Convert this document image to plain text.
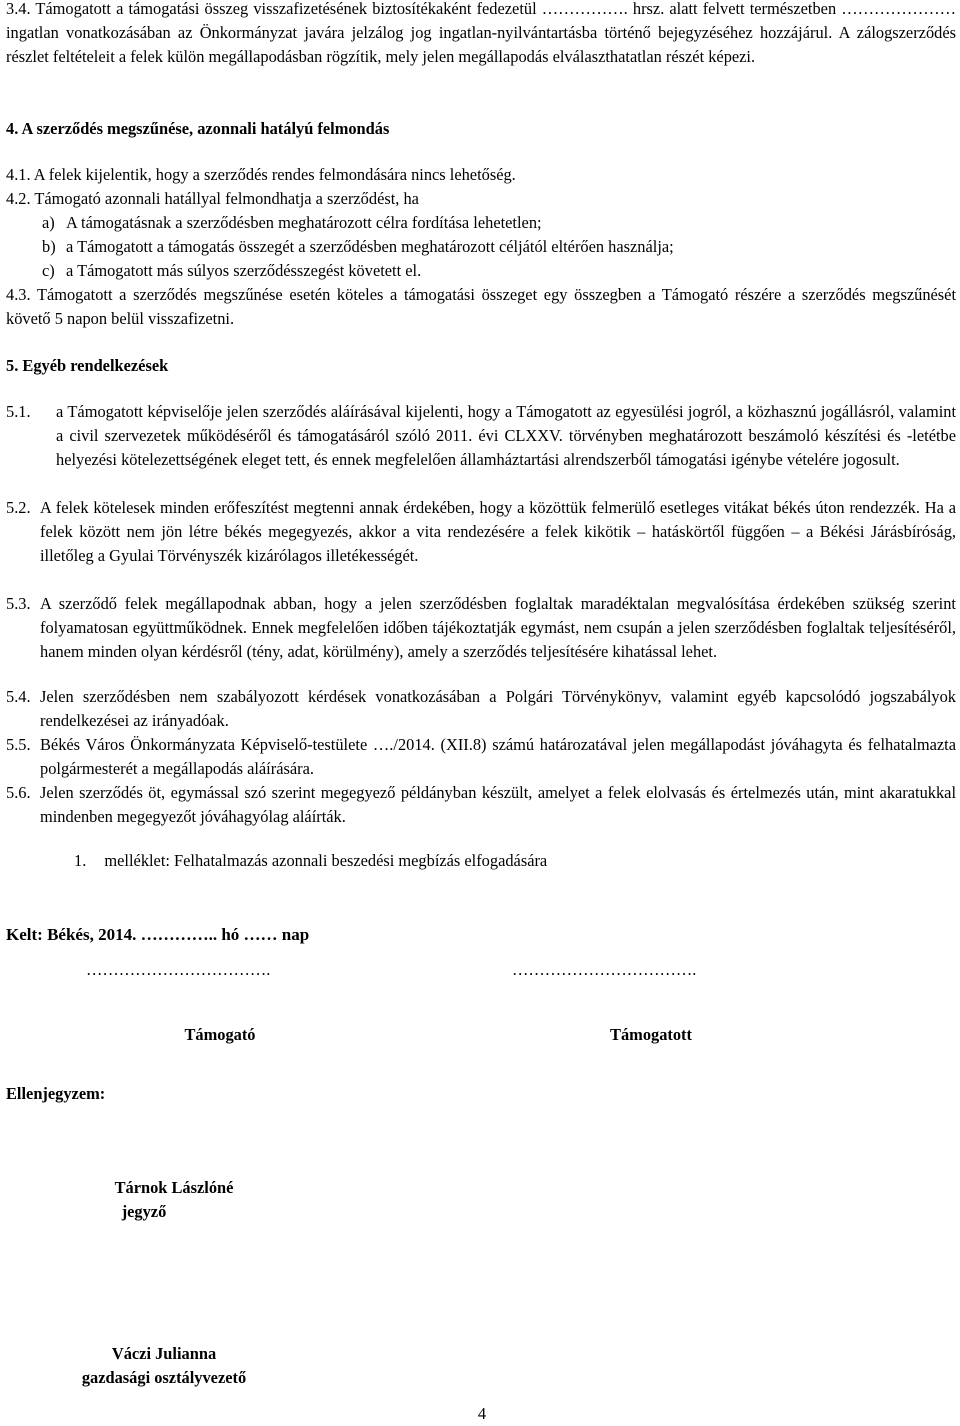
3.4. Támogatott a támogatási összeg visszafizetésének biztosítékaként fedezetül ……………. hrsz. alatt felvett természetben ………………… ingatlan vonatkozásában az Önkormányzat javára jelzálog jog ingatlan-nyilvántartásba történő bejegyzéséhez hozzájárul. A zálogszerződés részlet feltételeit a felek külön megállapodásban rögzítik, mely jelen megállapodás elválaszthatatlan részét képezi.

4. A szerződés megszűnése, azonnali hatályú felmondás

4.1. A felek kijelentik, hogy a szerződés rendes felmondására nincs lehetőség.

4.2. Támogató azonnali hatállyal felmondhatja a szerződést, ha

a) A támogatásnak a szerződésben meghatározott célra fordítása lehetetlen;

b) a Támogatott a támogatás összegét a szerződésben meghatározott céljától eltérően használja;

c) a Támogatott más súlyos szerződésszegést követett el.

4.3. Támogatott a szerződés megszűnése esetén köteles a támogatási összeget egy összegben a Támogató részére a szerződés megszűnését követő 5 napon belül visszafizetni.

5. Egyéb rendelkezések

5.1.	a Támogatott képviselője jelen szerződés aláírásával kijelenti, hogy a Támogatott az egyesülési jogról, a közhasznú jogállásról, valamint a civil szervezetek működéséről és támogatásáról szóló 2011. évi CLXXV. törvényben meghatározott beszámoló készítési és -letétbe helyezési kötelezettségének eleget tett, és ennek megfelelően államháztartási alrendszerből támogatási igénybe vételére jogosult.
5.2. A felek kötelesek minden erőfeszítést megtenni annak érdekében, hogy a közöttük felmerülő esetleges vitákat békés úton rendezzék. Ha a felek között nem jön létre békés megegyezés, akkor a vita rendezésére a felek kikötik – hatáskörtől függően – a Békési Járásbíróság, illetőleg a Gyulai Törvényszék kizárólagos illetékességét.
5.3. A szerződő felek megállapodnak abban, hogy a jelen szerződésben foglaltak maradéktalan megvalósítása érdekében szükség szerint folyamatosan együttműködnek. Ennek megfelelően időben tájékoztatják egymást, nem csupán a jelen szerződésben foglaltak teljesítéséről, hanem minden olyan kérdésről (tény, adat, körülmény), amely a szerződés teljesítésére kihatással lehet.
5.4. Jelen szerződésben nem szabályozott kérdések vonatkozásában a Polgári Törvénykönyv, valamint egyéb kapcsolódó jogszabályok rendelkezései az irányadóak.
5.5. Békés Város Önkormányzata Képviselő-testülete …./2014. (XII.8) számú határozatával jelen megállapodást jóváhagyta és felhatalmazta polgármesterét a megállapodás aláírására.
5.6. Jelen szerződés öt, egymással szó szerint megegyező példányban készült, amelyet a felek elolvasás és értelmezés után, mint akaratukkal mindenben megegyezőt jóváhagyólag aláírták.
1. melléklet: Felhatalmazás azonnali beszedési megbízás elfogadására
Kelt: Békés, 2014. ………….. hó …… nap
…………………………….	…………………………….
Támogató	Támogatott
Ellenjegyzem:
Tárnok Lászlóné
jegyző
Váczi Julianna
gazdasági osztályvezető
4
